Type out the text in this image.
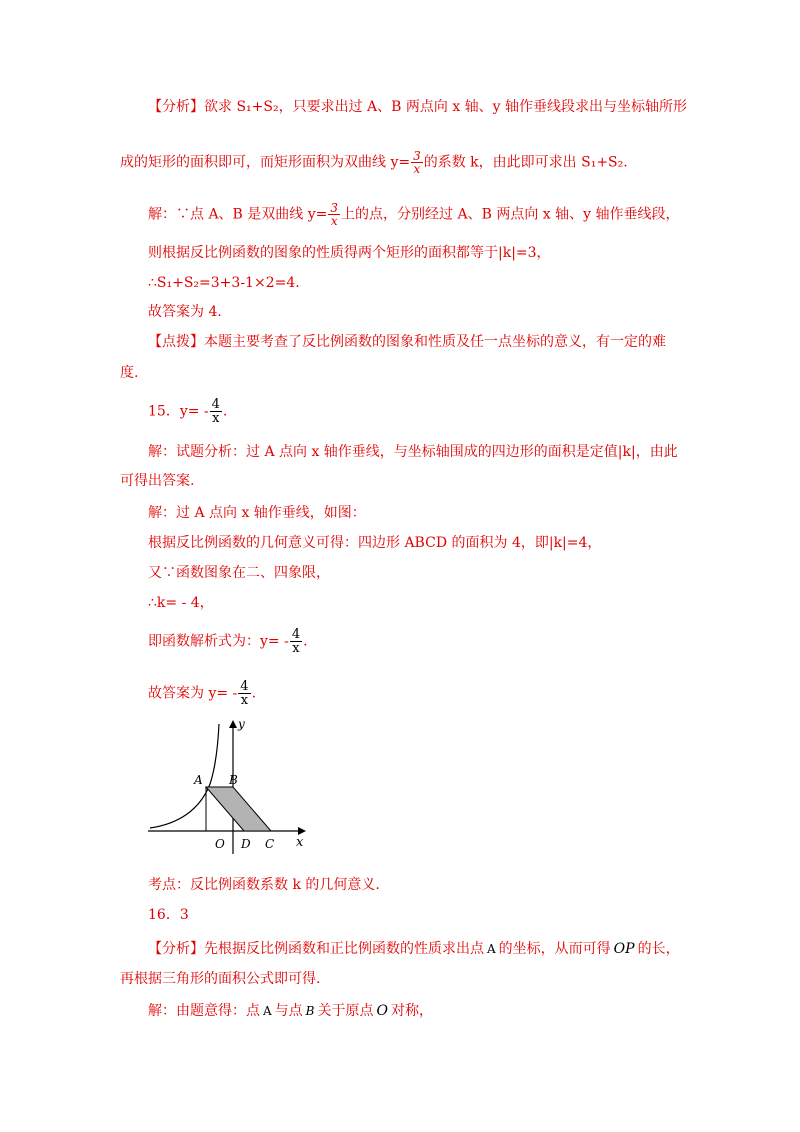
【分析】欲求 S₁+S₂，只要求出过 A、B 两点向 x 轴、y 轴作垂线段求出与坐标轴所形
成的矩形的面积即可，而矩形面积为双曲线 $y= \frac{3}{x}$ 的系数 k，由此即可求出 S₁+S₂.
解：∵点 A、B 是双曲线 $y= \frac{3}{x}$ 上的点，分别经过 A、B 两点向 x 轴、y 轴作垂线段，
则根据反比例函数的图象的性质得两个矩形的面积都等于|k|=3，
∴S₁+S₂=3+3-1×2=4.
故答案为 4.
【点拨】本题主要考查了反比例函数的图象和性质及任一点坐标的意义，有一定的难
度.
15．$y= - \frac{4}{x}$ .
解：试题分析：过 A 点向 x 轴作垂线，与坐标轴围成的四边形的面积是定值|k|，由此
可得出答案.
解：过 A 点向 x 轴作垂线，如图：
根据反比例函数的几何意义可得：四边形 ABCD 的面积为 4，即|k|=4，
又∵函数图象在二、四象限，
∴k= - 4，
即函数解析式为：$y= - \frac{4}{x}$ .
故答案为 $y= - \frac{4}{x}$ .
y
x
A B
O D C
考点：反比例函数系数 k 的几何意义.
16．3
【分析】先根据反比例函数和正比例函数的性质求出点 A 的坐标，从而可得 OP 的长，
再根据三角形的面积公式即可得.
解：由题意得：点 A 与点 B 关于原点 O 对称，
